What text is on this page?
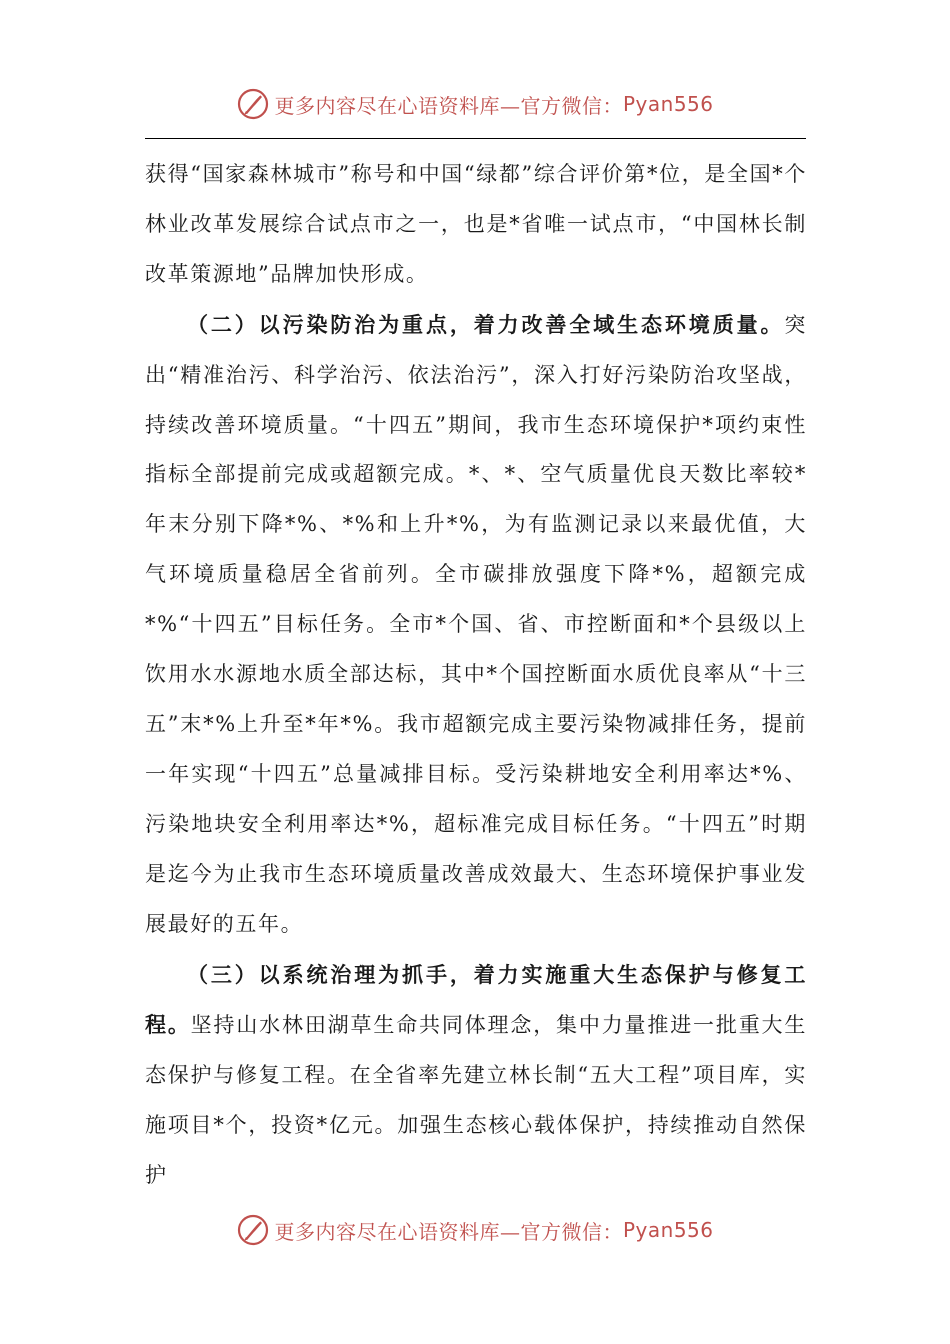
更多内容尽在心语资料库—官方微信： Pyan556

获得“国家森林城市”称号和中国“绿都”综合评价第*位，是全国*个林业改革发展综合试点市之一，也是*省唯一试点市，“中国林长制改革策源地”品牌加快形成。

（二）以污染防治为重点，着力改善全域生态环境质量。突出“精准治污、科学治污、依法治污”，深入打好污染防治攻坚战，持续改善环境质量。“十四五”期间，我市生态环境保护*项约束性指标全部提前完成或超额完成。*、*、空气质量优良天数比率较*年末分别下降*%、*%和上升*%，为有监测记录以来最优值，大气环境质量稳居全省前列。全市碳排放强度下降*%，超额完成*%“十四五”目标任务。全市*个国、省、市控断面和*个县级以上饮用水水源地水质全部达标，其中*个国控断面水质优良率从“十三五”末*%上升至*年*%。我市超额完成主要污染物减排任务，提前一年实现“十四五”总量减排目标。受污染耕地安全利用率达*%、污染地块安全利用率达*%，超标准完成目标任务。“十四五”时期是迄今为止我市生态环境质量改善成效最大、生态环境保护事业发展最好的五年。

（三）以系统治理为抓手，着力实施重大生态保护与修复工程。坚持山水林田湖草生命共同体理念，集中力量推进一批重大生态保护与修复工程。在全省率先建立林长制“五大工程”项目库，实施项目*个，投资*亿元。加强生态核心载体保护，持续推动自然保护

更多内容尽在心语资料库—官方微信： Pyan556
